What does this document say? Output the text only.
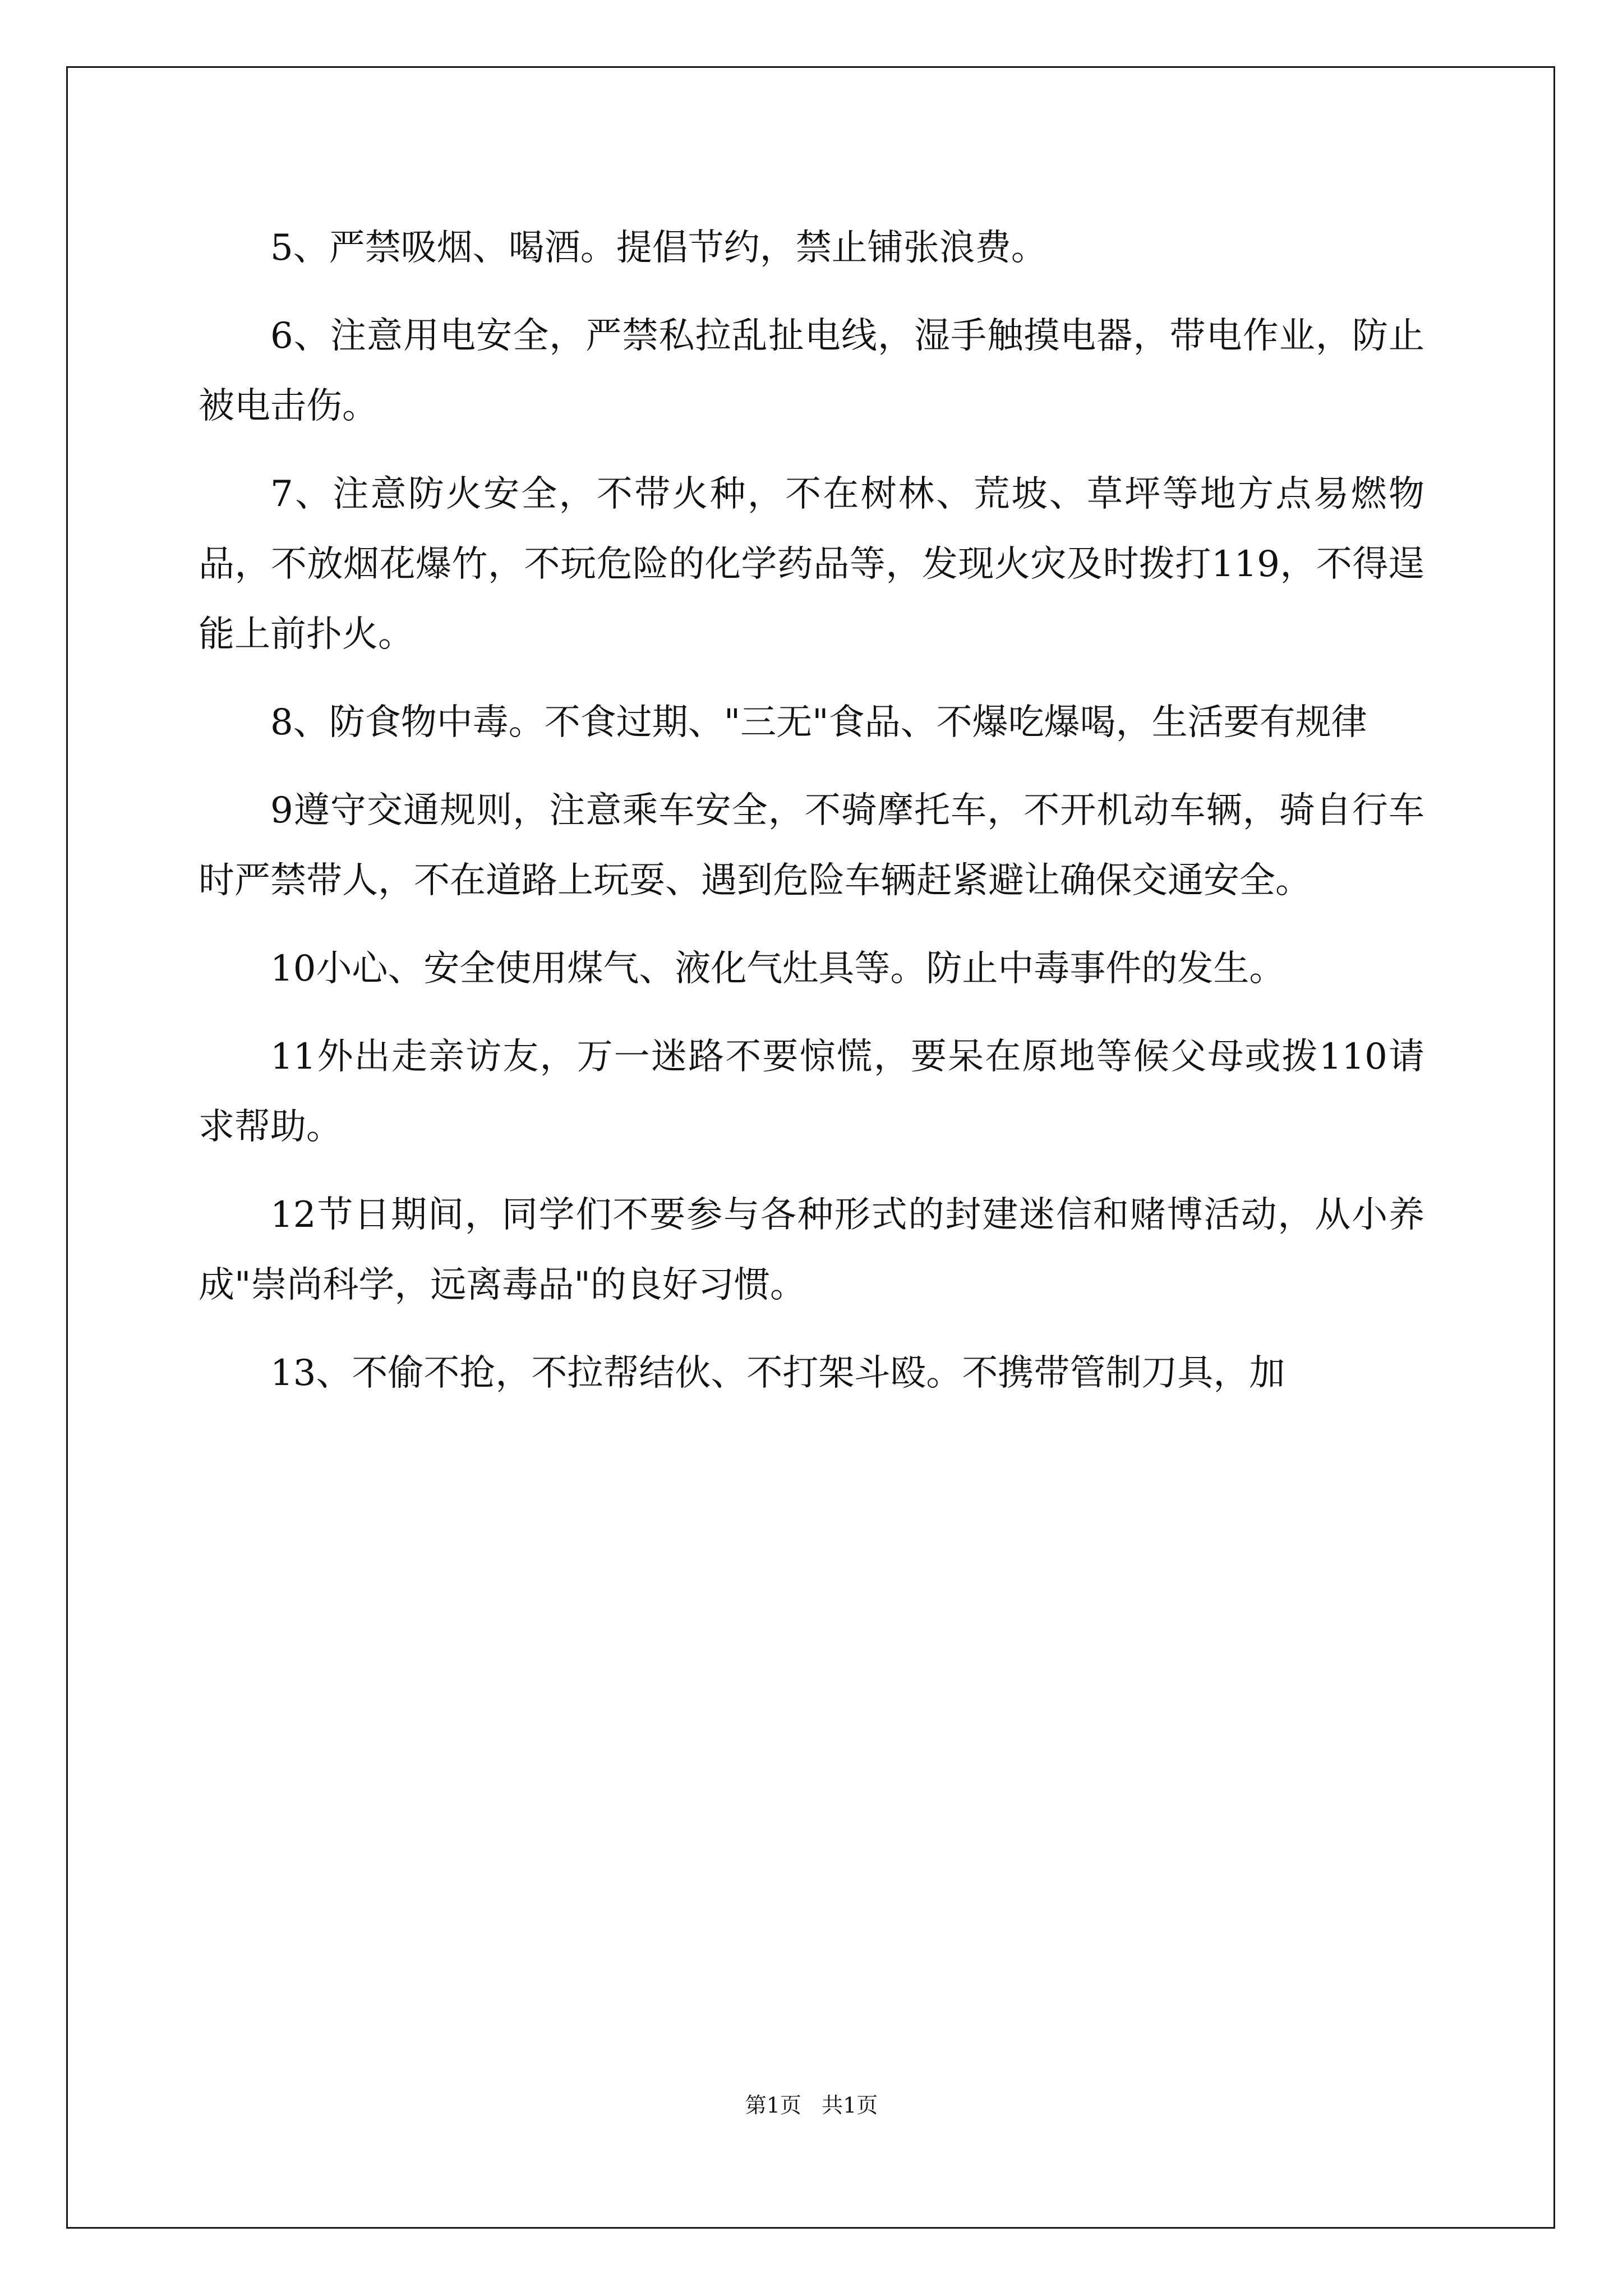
5、严禁吸烟、喝酒。提倡节约，禁止铺张浪费。

6、注意用电安全，严禁私拉乱扯电线，湿手触摸电器，带电作业，防止被电击伤。

7、注意防火安全，不带火种，不在树林、荒坡、草坪等地方点易燃物品，不放烟花爆竹，不玩危险的化学药品等，发现火灾及时拨打119，不得逞能上前扑火。

8、防食物中毒。不食过期、"三无"食品、不爆吃爆喝，生活要有规律

9遵守交通规则，注意乘车安全，不骑摩托车，不开机动车辆，骑自行车时严禁带人，不在道路上玩耍、遇到危险车辆赶紧避让确保交通安全。

10小心、安全使用煤气、液化气灶具等。防止中毒事件的发生。

11外出走亲访友，万一迷路不要惊慌，要呆在原地等候父母或拨110请求帮助。

12节日期间，同学们不要参与各种形式的封建迷信和赌博活动，从小养成"崇尚科学，远离毒品"的良好习惯。

13、不偷不抢，不拉帮结伙、不打架斗殴。不携带管制刀具，加

第1页 共1页
